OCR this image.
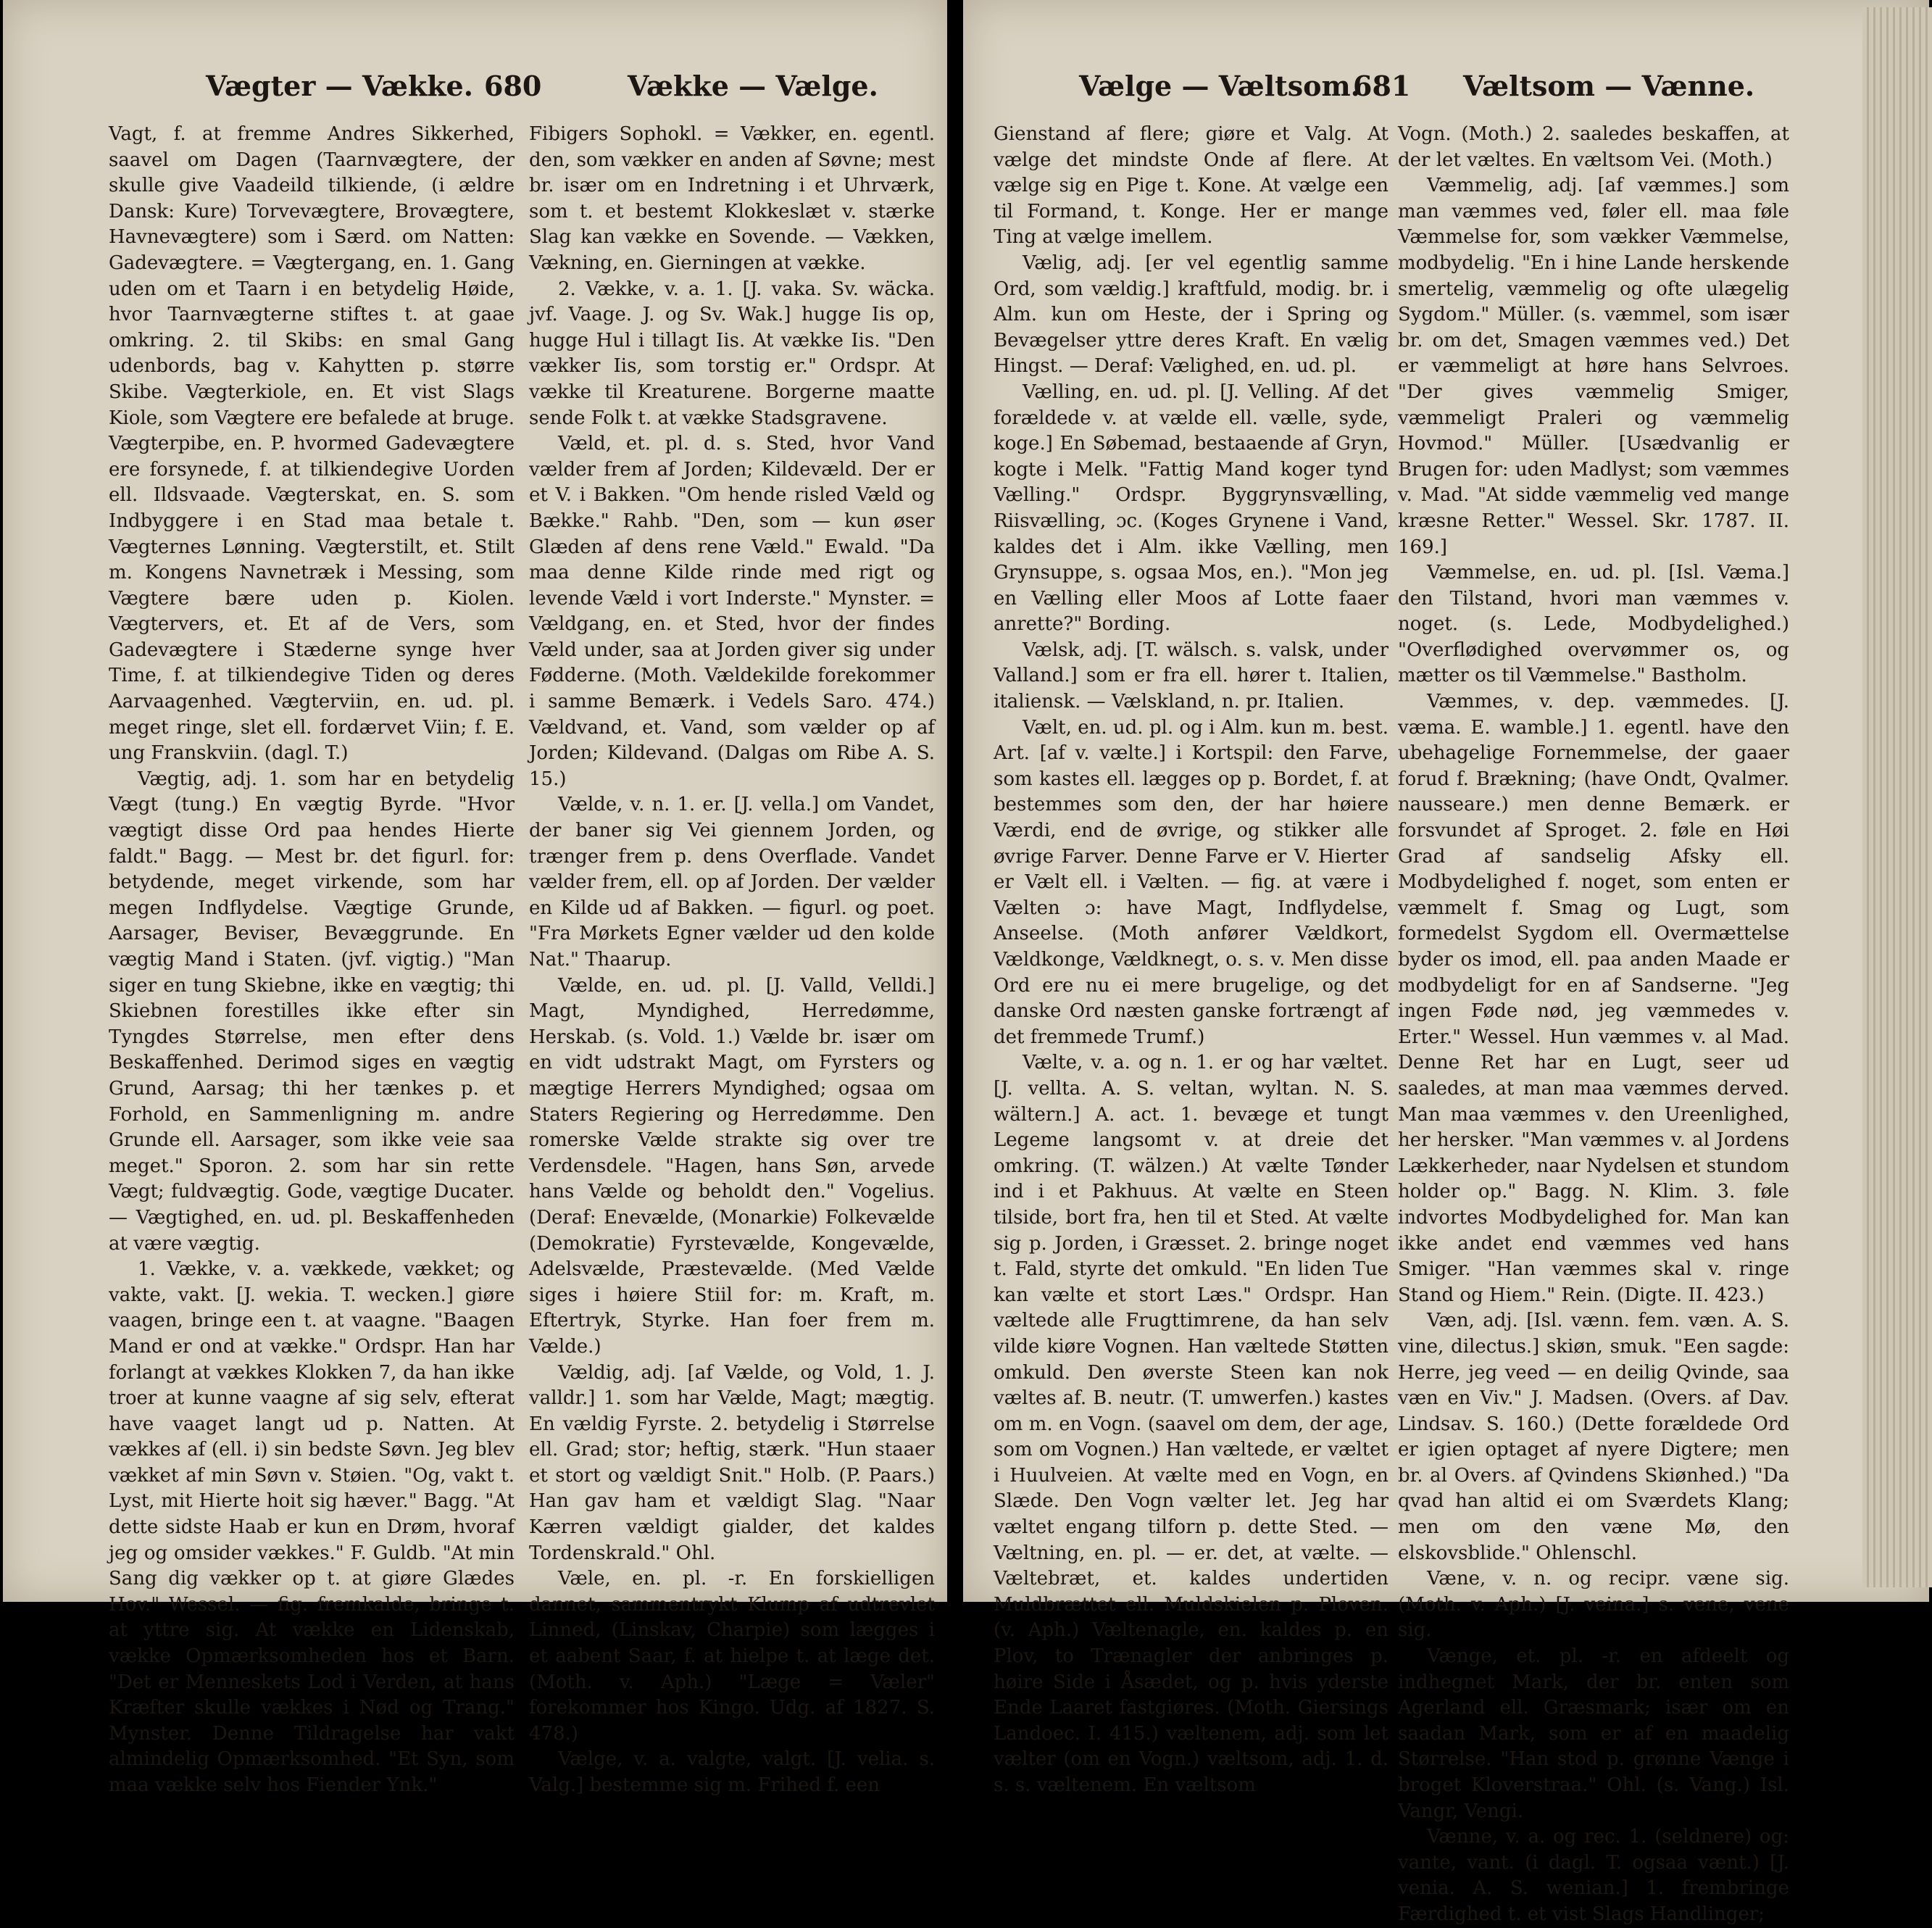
Vægter — Vække. 680	Vække — Vælge.

Vagt, f. at fremme Andres Sikkerhed, saavel om Dagen (Taarnvægtere, der skulle give Vaadeild tilkiende, (i ældre Dansk: Kure) Torvevægtere, Brovægtere, Havnevægtere) som i Særd. om Natten: Gadevægtere. = Vægtergang, en. 1. Gang uden om et Taarn i en betydelig Høide, hvor Taarnvægterne stiftes t. at gaae omkring. 2. til Skibs: en smal Gang udenbords, bag v. Kahytten p. større Skibe. Vægterkiole, en. Et vist Slags Kiole, som Vægtere ere befalede at bruge. Vægterpibe, en. P. hvormed Gadevægtere ere forsynede, f. at tilkiendegive Uorden ell. Ildsvaade. Vægterskat, en. S. som Indbyggere i en Stad maa betale t. Vægternes Lønning. Vægterstilt, et. Stilt m. Kongens Navnetræk i Messing, som Vægtere bære uden p. Kiolen. Vægtervers, et. Et af de Vers, som Gadevægtere i Stæderne synge hver Time, f. at tilkiendegive Tiden og deres Aarvaagenhed. Vægterviin, en. ud. pl. meget ringe, slet ell. fordærvet Viin; f. E. ung Franskviin. (dagl. T.)

Vægtig, adj. 1. som har en betydelig Vægt (tung.) En vægtig Byrde. "Hvor vægtigt disse Ord paa hendes Hierte faldt." Bagg. — Mest br. det figurl. for: betydende, meget virkende, som har megen Indflydelse. Vægtige Grunde, Aarsager, Beviser, Bevæggrunde. En vægtig Mand i Staten. (jvf. vigtig.) "Man siger en tung Skiebne, ikke en vægtig; thi Skiebnen forestilles ikke efter sin Tyngdes Størrelse, men efter dens Beskaffenhed. Derimod siges en vægtig Grund, Aarsag; thi her tænkes p. et Forhold, en Sammenligning m. andre Grunde ell. Aarsager, som ikke veie saa meget." Sporon. 2. som har sin rette Vægt; fuldvægtig. Gode, vægtige Ducater. — Vægtighed, en. ud. pl. Beskaffenheden at være vægtig.

1. Vække, v. a. vækkede, vækket; og vakte, vakt. [J. wekia. T. wecken.] giøre vaagen, bringe een t. at vaagne. "Baagen Mand er ond at vække." Ordspr. Han har forlangt at vækkes Klokken 7, da han ikke troer at kunne vaagne af sig selv, efterat have vaaget langt ud p. Natten. At vækkes af (ell. i) sin bedste Søvn. Jeg blev vækket af min Søvn v. Støien. "Og, vakt t. Lyst, mit Hierte hoit sig hæver." Bagg. "At dette sidste Haab er kun en Drøm, hvoraf jeg og omsider vækkes." F. Guldb. "At min Sang dig vækker op t. at giøre Glædes Hov." Wessel. — fig. fremkalde, bringe t. at yttre sig. At vække en Lidenskab, vække Opmærksomheden hos et Barn. "Det er Menneskets Lod i Verden, at hans Kræfter skulle vækkes i Nød og Trang." Mynster. Denne Tildragelse har vakt almindelig Opmærksomhed. "Et Syn, som maa vække selv hos Fiender Ynk."

Fibigers Sophokl. = Vækker, en. egentl. den, som vækker en anden af Søvne; mest br. især om en Indretning i et Uhrværk, som t. et bestemt Klokkeslæt v. stærke Slag kan vække en Sovende. — Vækken, Vækning, en. Gierningen at vække.

2. Vække, v. a. 1. [J. vaka. Sv. wäcka. jvf. Vaage. J. og Sv. Wak.] hugge Iis op, hugge Hul i tillagt Iis. At vække Iis. "Den vækker Iis, som torstig er." Ordspr. At vække til Kreaturene. Borgerne maatte sende Folk t. at vække Stadsgravene.

Væld, et. pl. d. s. Sted, hvor Vand vælder frem af Jorden; Kildevæld. Der er et V. i Bakken. "Om hende risled Væld og Bække." Rahb. "Den, som — kun øser Glæden af dens rene Væld." Ewald. "Da maa denne Kilde rinde med rigt og levende Væld i vort Inderste." Mynster. = Vældgang, en. et Sted, hvor der findes Væld under, saa at Jorden giver sig under Fødderne. (Moth. Vældekilde forekommer i samme Bemærk. i Vedels Saro. 474.) Vældvand, et. Vand, som vælder op af Jorden; Kildevand. (Dalgas om Ribe A. S. 15.)

Vælde, v. n. 1. er. [J. vella.] om Vandet, der baner sig Vei giennem Jorden, og trænger frem p. dens Overflade. Vandet vælder frem, ell. op af Jorden. Der vælder en Kilde ud af Bakken. — figurl. og poet. "Fra Mørkets Egner vælder ud den kolde Nat." Thaarup.

Vælde, en. ud. pl. [J. Valld, Velldi.] Magt, Myndighed, Herredømme, Herskab. (s. Vold. 1.) Vælde br. især om en vidt udstrakt Magt, om Fyrsters og mægtige Herrers Myndighed; ogsaa om Staters Regiering og Herredømme. Den romerske Vælde strakte sig over tre Verdensdele. "Hagen, hans Søn, arvede hans Vælde og beholdt den." Vogelius. (Deraf: Enevælde, (Monarkie) Folkevælde (Demokratie) Fyrstevælde, Kongevælde, Adelsvælde, Præstevælde. (Med Vælde siges i høiere Stiil for: m. Kraft, m. Eftertryk, Styrke. Han foer frem m. Vælde.)

Vældig, adj. [af Vælde, og Vold, 1. J. valldr.] 1. som har Vælde, Magt; mægtig. En vældig Fyrste. 2. betydelig i Størrelse ell. Grad; stor; heftig, stærk. "Hun staaer et stort og vældigt Snit." Holb. (P. Paars.) Han gav ham et vældigt Slag. "Naar Kærren vældigt gialder, det kaldes Tordenskrald." Ohl.

Væle, en. pl. -r. En forskielligen dannet, sammentrykt Klump af udtrevlet Linned, (Linskav, Charpie) som lægges i et aabent Saar, f. at hielpe t. at læge det. (Moth. v. Aph.) "Læge = Væler" forekommer hos Kingo. Udg. af 1827. S. 478.)

Vælge, v. a. valgte, valgt. [J. velia. s. Valg.] bestemme sig m. Frihed f. een

Vælge — Væltsom.
681 Væltsom — Vænne.

Gienstand af flere; giøre et Valg. At vælge det mindste Onde af flere. At vælge sig en Pige t. Kone. At vælge een til Formand, t. Konge. Her er mange Ting at vælge imellem.

Vælig, adj. [er vel egentlig samme Ord, som vældig.] kraftfuld, modig. br. i Alm. kun om Heste, der i Spring og Bevægelser yttre deres Kraft. En vælig Hingst. — Deraf: Vælighed, en. ud. pl.

Vælling, en. ud. pl. [J. Velling. Af det forældede v. at vælde ell. vælle, syde, koge.] En Søbemad, bestaaende af Gryn, kogte i Melk. "Fattig Mand koger tynd Vælling." Ordspr. Byggrynsvælling, Riisvælling, ɔc. (Koges Grynene i Vand, kaldes det i Alm. ikke Vælling, men Grynsuppe, s. ogsaa Mos, en.). "Mon jeg en Vælling eller Moos af Lotte faaer anrette?" Bording.

Vælsk, adj. [T. wälsch. s. valsk, under Valland.] som er fra ell. hører t. Italien, italiensk. — Vælskland, n. pr. Italien.

Vælt, en. ud. pl. og i Alm. kun m. best. Art. [af v. vælte.] i Kortspil: den Farve, som kastes ell. lægges op p. Bordet, f. at bestemmes som den, der har høiere Værdi, end de øvrige, og stikker alle øvrige Farver. Denne Farve er V. Hierter er Vælt ell. i Vælten. — fig. at være i Vælten ɔ: have Magt, Indflydelse, Anseelse. (Moth anfører Vældkort, Vældkonge, Vældknegt, o. s. v. Men disse Ord ere nu ei mere brugelige, og det danske Ord næsten ganske fortrængt af det fremmede Trumf.)

Vælte, v. a. og n. 1. er og har væltet. [J. vellta. A. S. veltan, wyltan. N. S. wältern.] A. act. 1. bevæge et tungt Legeme langsomt v. at dreie det omkring. (T. wälzen.) At vælte Tønder ind i et Pakhuus. At vælte en Steen tilside, bort fra, hen til et Sted. At vælte sig p. Jorden, i Græsset. 2. bringe noget t. Fald, styrte det omkuld. "En liden Tue kan vælte et stort Læs." Ordspr. Han væltede alle Frugttimrene, da han selv vilde kiøre Vognen. Han væltede Støtten omkuld. Den øverste Steen kan nok væltes af. B. neutr. (T. umwerfen.) kastes om m. en Vogn. (saavel om dem, der age, som om Vognen.) Han væltede, er væltet i Huulveien. At vælte med en Vogn, en Slæde. Den Vogn vælter let. Jeg har væltet engang tilforn p. dette Sted. — Væltning, en. pl. — er. det, at vælte. — Væltebræt, et. kaldes undertiden Muldbrættet ell. Muldskielen p. Ploven. (v. Aph.) Væltenagle, en. kaldes p. en Plov, to Trænagler der anbringes p. høire Side i Åsædet, og p. hvis yderste Ende Laaret fastgiøres. (Moth. Giersings Landoec. I. 415.) væltenem, adj. som let vælter (om en Vogn.) væltsom, adj. 1. d. s. s. væltenem. En væltsom

Vogn. (Moth.) 2. saaledes beskaffen, at der let væltes. En væltsom Vei. (Moth.)

Væmmelig, adj. [af væmmes.] som man væmmes ved, føler ell. maa føle Væmmelse for, som vækker Væmmelse, modbydelig. "En i hine Lande herskende smertelig, væmmelig og ofte ulægelig Sygdom." Müller. (s. væmmel, som især br. om det, Smagen væmmes ved.) Det er væmmeligt at høre hans Selvroes. "Der gives væmmelig Smiger, væmmeligt Praleri og væmmelig Hovmod." Müller. [Usædvanlig er Brugen for: uden Madlyst; som væmmes v. Mad. "At sidde væmmelig ved mange kræsne Retter." Wessel. Skr. 1787. II. 169.]

Væmmelse, en. ud. pl. [Isl. Væma.] den Tilstand, hvori man væmmes v. noget. (s. Lede, Modbydelighed.) "Overflødighed overvømmer os, og mætter os til Væmmelse." Bastholm.

Væmmes, v. dep. væmmedes. [J. væma. E. wamble.] 1. egentl. have den ubehagelige Fornemmelse, der gaaer forud f. Brækning; (have Ondt, Qvalmer. nausseare.) men denne Bemærk. er forsvundet af Sproget. 2. føle en Høi Grad af sandselig Afsky ell. Modbydelighed f. noget, som enten er væmmelt f. Smag og Lugt, som formedelst Sygdom ell. Overmættelse byder os imod, ell. paa anden Maade er modbydeligt for en af Sandserne. "Jeg ingen Føde nød, jeg væmmedes v. Erter." Wessel. Hun væmmes v. al Mad. Denne Ret har en Lugt, seer ud saaledes, at man maa væmmes derved. Man maa væmmes v. den Ureenlighed, her hersker. "Man væmmes v. al Jordens Lækkerheder, naar Nydelsen et stundom holder op." Bagg. N. Klim. 3. føle indvortes Modbydelighed for. Man kan ikke andet end væmmes ved hans Smiger. "Han væmmes skal v. ringe Stand og Hiem." Rein. (Digte. II. 423.)

Væn, adj. [Isl. vænn. fem. væn. A. S. vine, dilectus.] skiøn, smuk. "Een sagde: Herre, jeg veed — en deilig Qvinde, saa væn en Viv." J. Madsen. (Overs. af Dav. Lindsav. S. 160.) (Dette forældede Ord er igien optaget af nyere Digtere; men br. al Overs. af Qvindens Skiønhed.) "Da qvad han altid ei om Sværdets Klang; men om den væne Mø, den elskovsblide." Ohlenschl.

Væne, v. n. og recipr. væne sig. (Moth. v. Aph.) [J. veina.] s. vene, vene sig.

Vænge, et. pl. -r. en afdeelt og indhegnet Mark, der br. enten som Agerland ell. Græsmark; især om en saadan Mark, som er af en maadelig Størrelse. "Han stod p. grønne Vænge i broget Kloverstraa." Ohl. (s. Vang.) Isl. Vangr, Vengi.

Vænne, v. a. og rec. 1. (seldnere) og: vante, vant. (i dagl. T. ogsaa vænt.) [J. venia. A. S. wenian.] 1. frembringe Færdighed t. et vist Slags Handlinger;
